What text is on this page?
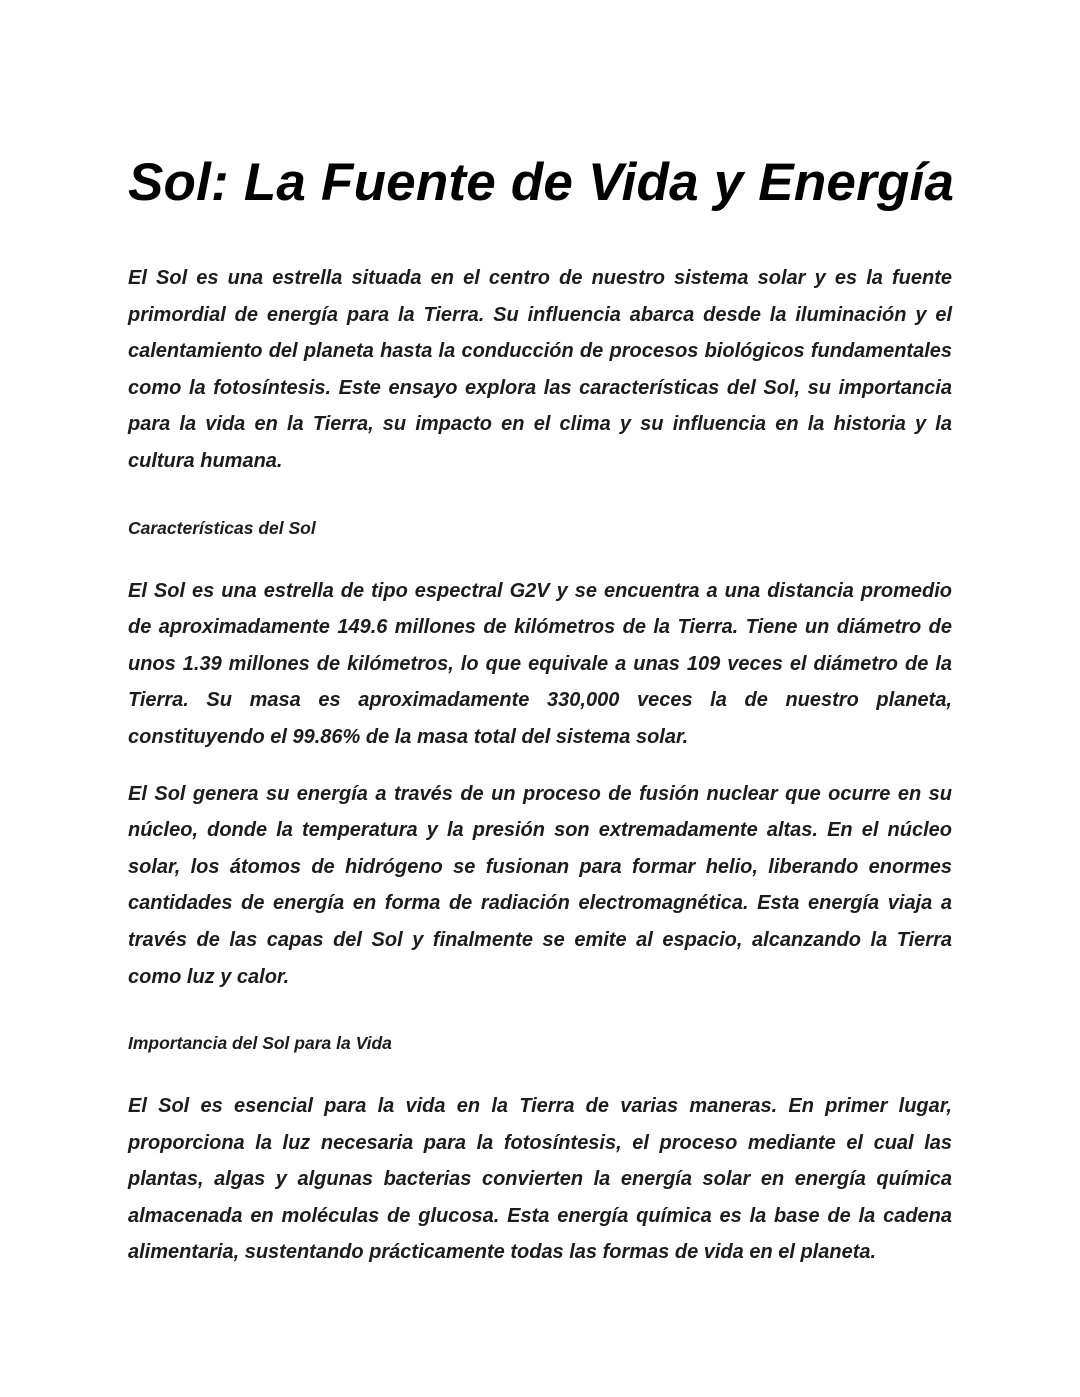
Sol: La Fuente de Vida y Energía

El Sol es una estrella situada en el centro de nuestro sistema solar y es la fuente primordial de energía para la Tierra. Su influencia abarca desde la iluminación y el calentamiento del planeta hasta la conducción de procesos biológicos fundamentales como la fotosíntesis. Este ensayo explora las características del Sol, su importancia para la vida en la Tierra, su impacto en el clima y su influencia en la historia y la cultura humana.

Características del Sol

El Sol es una estrella de tipo espectral G2V y se encuentra a una distancia promedio de aproximadamente 149.6 millones de kilómetros de la Tierra. Tiene un diámetro de unos 1.39 millones de kilómetros, lo que equivale a unas 109 veces el diámetro de la Tierra. Su masa es aproximadamente 330,000 veces la de nuestro planeta, constituyendo el 99.86% de la masa total del sistema solar.

El Sol genera su energía a través de un proceso de fusión nuclear que ocurre en su núcleo, donde la temperatura y la presión son extremadamente altas. En el núcleo solar, los átomos de hidrógeno se fusionan para formar helio, liberando enormes cantidades de energía en forma de radiación electromagnética. Esta energía viaja a través de las capas del Sol y finalmente se emite al espacio, alcanzando la Tierra como luz y calor.

Importancia del Sol para la Vida

El Sol es esencial para la vida en la Tierra de varias maneras. En primer lugar, proporciona la luz necesaria para la fotosíntesis, el proceso mediante el cual las plantas, algas y algunas bacterias convierten la energía solar en energía química almacenada en moléculas de glucosa. Esta energía química es la base de la cadena alimentaria, sustentando prácticamente todas las formas de vida en el planeta.
